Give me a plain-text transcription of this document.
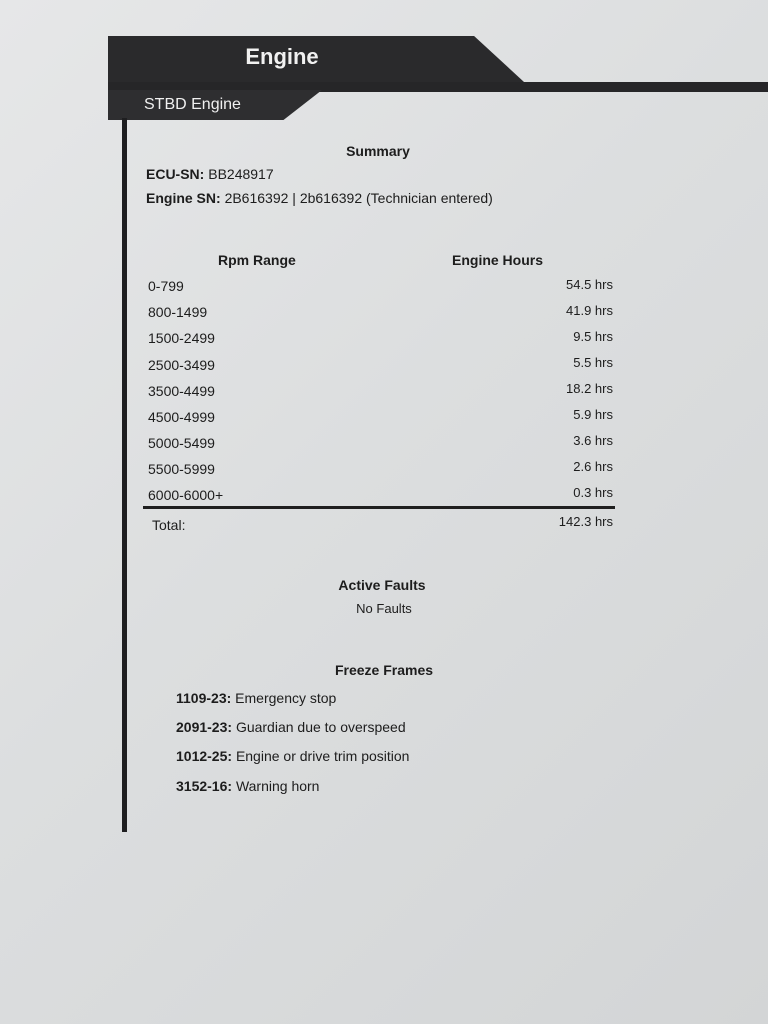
Engine
STBD Engine
Summary
ECU-SN: BB248917
Engine SN: 2B616392 | 2b616392 (Technician entered)
Rpm Range	Engine Hours
0-799	54.5 hrs
800-1499	41.9 hrs
1500-2499	9.5 hrs
2500-3499	5.5 hrs
3500-4499	18.2 hrs
4500-4999	5.9 hrs
5000-5499	3.6 hrs
5500-5999	2.6 hrs
6000-6000+	0.3 hrs
Total:	142.3 hrs
Active Faults
No Faults
Freeze Frames
1109-23: Emergency stop
2091-23: Guardian due to overspeed
1012-25: Engine or drive trim position
3152-16: Warning horn
